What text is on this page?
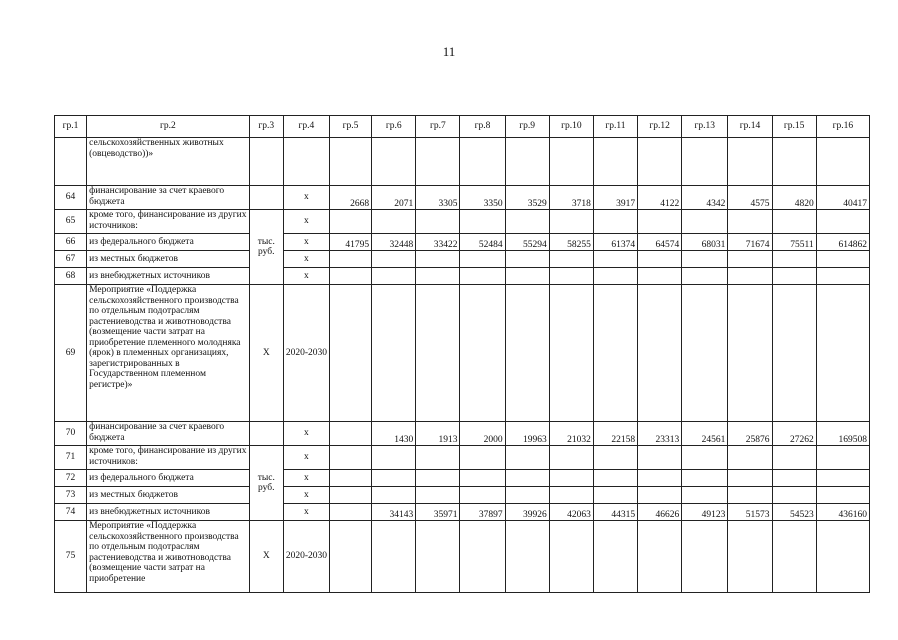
11
гр.1	гр.2	гр.3	гр.4	гр.5	гр.6	гр.7	гр.8	гр.9	гр.10	гр.11	гр.12	гр.13	гр.14	гр.15	гр.16
	сельскохозяйственных животных (овцеводство))»														
64	финансирование за счет краевого бюджета		x	2668	2071	3305	3350	3529	3718	3917	4122	4342	4575	4820	40417
65	кроме того, финансирование из других источников:	тыс. руб.	x												
66	из федерального бюджета		x	41795	32448	33422	52484	55294	58255	61374	64574	68031	71674	75511	614862
67	из местных бюджетов		x												
68	из внебюджетных источников		x												
69	Мероприятие «Поддержка сельскохозяйственного производства по отдельным подотраслям растениеводства и животноводства (возмещение части затрат на приобретение племенного молодняка (ярок) в племенных организациях, зарегистрированных в Государственном племенном регистре)»	X	2020-2030												
70	финансирование за счет краевого бюджета		x		1430	1913	2000	19963	21032	22158	23313	24561	25876	27262	169508
71	кроме того, финансирование из других источников:	тыс. руб.	x												
72	из федерального бюджета		x												
73	из местных бюджетов		x												
74	из внебюджетных источников		x		34143	35971	37897	39926	42063	44315	46626	49123	51573	54523	436160
75	Мероприятие «Поддержка сельскохозяйственного производства по отдельным подотраслям растениеводства и животноводства (возмещение части затрат на приобретение	X	2020-2030												
